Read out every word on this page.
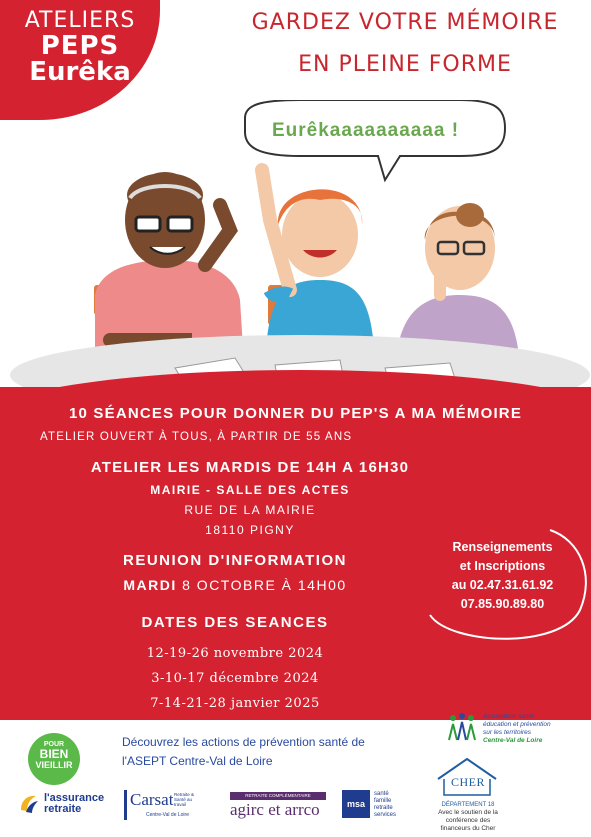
ATELIERS
PEPS
Eurêka
GARDEZ VOTRE MÉMOIRE
EN PLEINE FORME
Eurêkaaaaaaaaaa !
10 SÉANCES POUR DONNER DU PEP'S A MA MÉMOIRE
ATELIER OUVERT À TOUS, À PARTIR DE 55 ANS
ATELIER LES MARDIS DE 14H A 16H30
MAIRIE - SALLE DES ACTES
RUE DE LA MAIRIE
18110 PIGNY
REUNION D'INFORMATION
MARDI 8 OCTOBRE À 14H00
DATES DES SEANCES
12-19-26 novembre 2024
3-10-17 décembre 2024
7-14-21-28 janvier 2025
Renseignements
et Inscriptions
au 02.47.31.61.92
07.85.90.89.80
POUR
BIEN
VIEILLIR
Découvrez les actions de prévention santé de
l'ASEPT Centre-Val de Loire
Association santé
éducation et prévention
sur les territoires
Centre-Val de Loire
l'assurance
retraite	Carsat Retraite & Santé au travail
Centre-Val de Loire
RETRAITE COMPLÉMENTAIRE
agirc et arrco	msa
santé
famille
retraite
services
CHER
DÉPARTEMENT 18
Avec le soutien de la
conférence des
financeurs du Cher
